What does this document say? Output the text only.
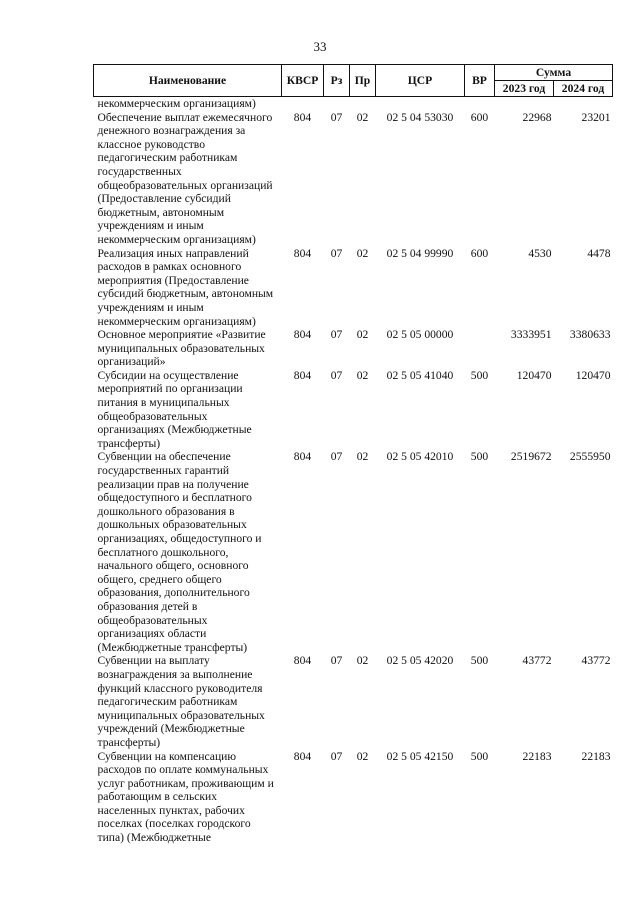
33
Наименование	КВСР	Рз	Пр	ЦСР	ВР	Сумма	
						2023 год	2024 год
некоммерческим организациям)							
Обеспечение выплат ежемесячного денежного вознаграждения за классное руководство педагогическим работникам государственных общеобразовательных организаций (Предоставление субсидий бюджетным, автономным учреждениям и иным некоммерческим организациям)	804	07	02	02 5 04 53030	600	22968	23201
Реализация иных направлений расходов в рамках основного мероприятия (Предоставление субсидий бюджетным, автономным учреждениям и иным некоммерческим организациям)	804	07	02	02 5 04 99990	600	4530	4478
Основное мероприятие «Развитие муниципальных образовательных организаций»	804	07	02	02 5 05 00000		3333951	3380633
Субсидии на осуществление мероприятий по организации питания в муниципальных общеобразовательных организациях (Межбюджетные трансферты)	804	07	02	02 5 05 41040	500	120470	120470
Субвенции на обеспечение государственных гарантий реализации прав на получение общедоступного и бесплатного дошкольного образования в дошкольных образовательных организациях, общедоступного и бесплатного дошкольного, начального общего, основного общего, среднего общего образования, дополнительного образования детей в общеобразовательных организациях области (Межбюджетные трансферты)	804	07	02	02 5 05 42010	500	2519672	2555950
Субвенции на выплату вознаграждения за выполнение функций классного руководителя педагогическим работникам муниципальных образовательных учреждений (Межбюджетные трансферты)	804	07	02	02 5 05 42020	500	43772	43772
Субвенции на компенсацию расходов по оплате коммунальных услуг работникам, проживающим и работающим в сельских населенных пунктах, рабочих поселках (поселках городского типа) (Межбюджетные	804	07	02	02 5 05 42150	500	22183	22183
